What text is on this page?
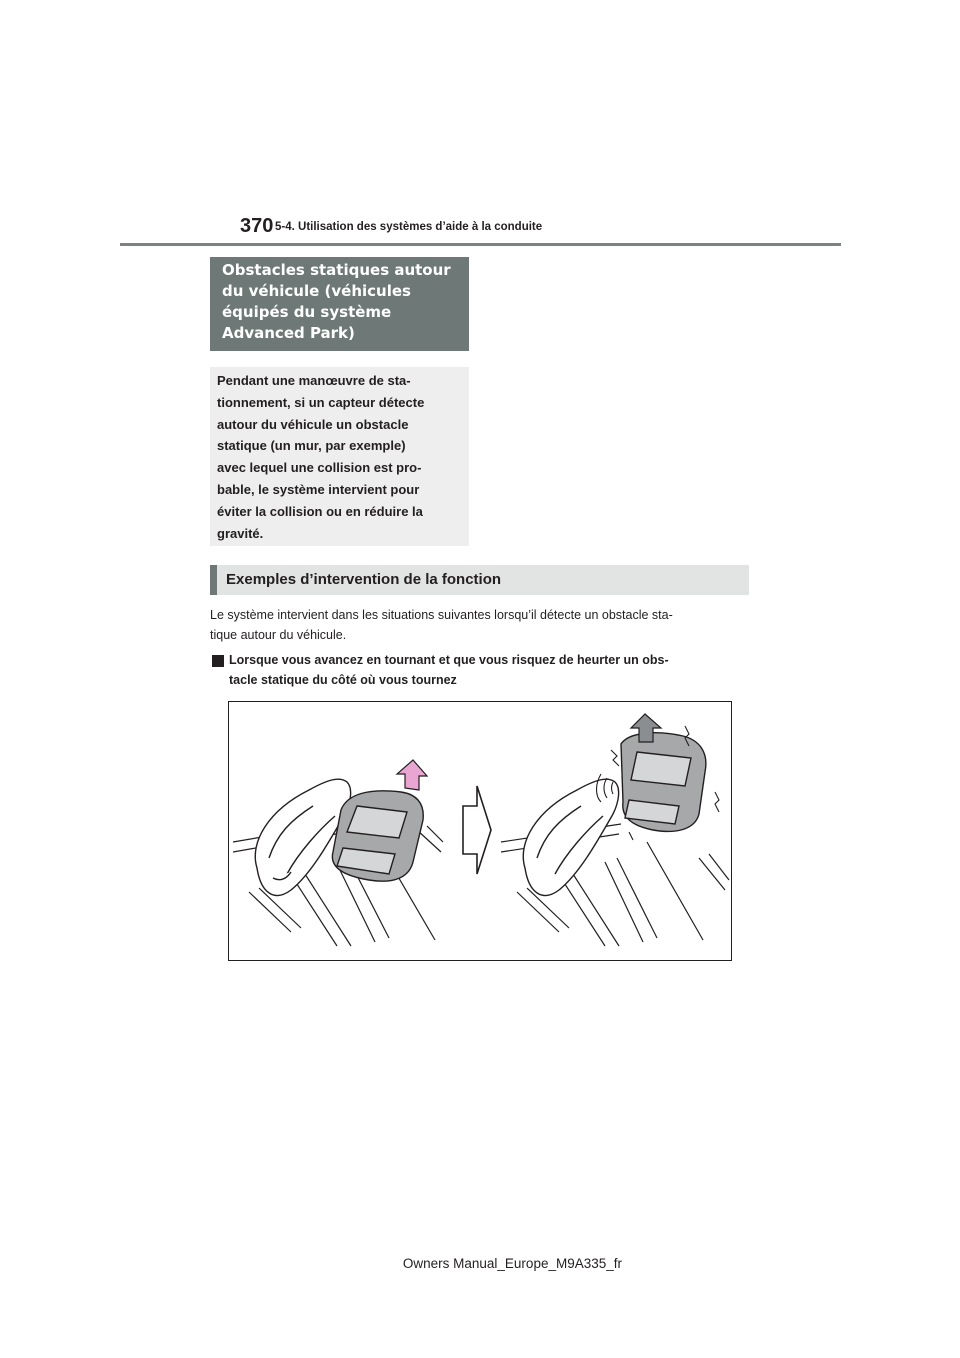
370 5-4. Utilisation des systèmes d’aide à la conduite
Obstacles statiques autour
du véhicule (véhicules
équipés du système
Advanced Park)
Pendant une manœuvre de sta-
tionnement, si un capteur détecte
autour du véhicule un obstacle
statique (un mur, par exemple)
avec lequel une collision est pro-
bable, le système intervient pour
éviter la collision ou en réduire la
gravité.
Exemples d’intervention de la fonction
Le système intervient dans les situations suivantes lorsqu’il détecte un obstacle sta-
tique autour du véhicule.
Lorsque vous avancez en tournant et que vous risquez de heurter un obs-
tacle statique du côté où vous tournez
Owners Manual_Europe_M9A335_fr
